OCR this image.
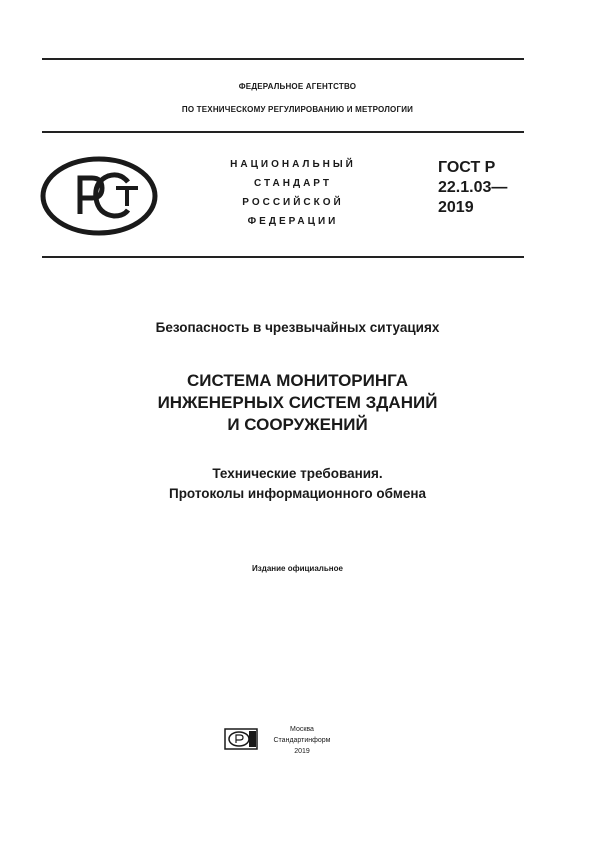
ФЕДЕРАЛЬНОЕ АГЕНТСТВО
ПО ТЕХНИЧЕСКОМУ РЕГУЛИРОВАНИЮ И МЕТРОЛОГИИ
НАЦИОНАЛЬНЫЙ
СТАНДАРТ
РОССИЙСКОЙ
ФЕДЕРАЦИИ
ГОСТ Р
22.1.03—
2019
Безопасность в чрезвычайных ситуациях
СИСТЕМА МОНИТОРИНГА
ИНЖЕНЕРНЫХ СИСТЕМ ЗДАНИЙ
И СООРУЖЕНИЙ
Технические требования.
Протоколы информационного обмена
Издание официальное
Москва
Стандартинформ
2019
